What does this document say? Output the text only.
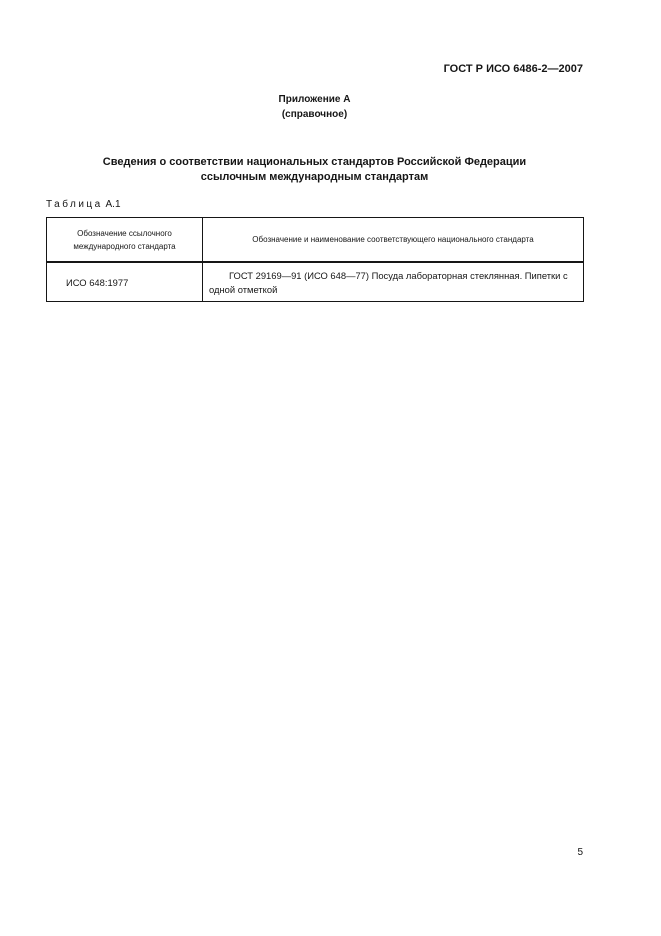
ГОСТ Р ИСО 6486-2—2007
Приложение А
(справочное)
Сведения о соответствии национальных стандартов Российской Федерации
ссылочным международным стандартам
Таблица А.1
Обозначение ссылочного международного стандарта	Обозначение и наименование соответствующего национального стандарта
ИСО 648:1977	ГОСТ 29169—91 (ИСО 648—77) Посуда лабораторная стеклянная. Пипетки с одной отметкой

5
